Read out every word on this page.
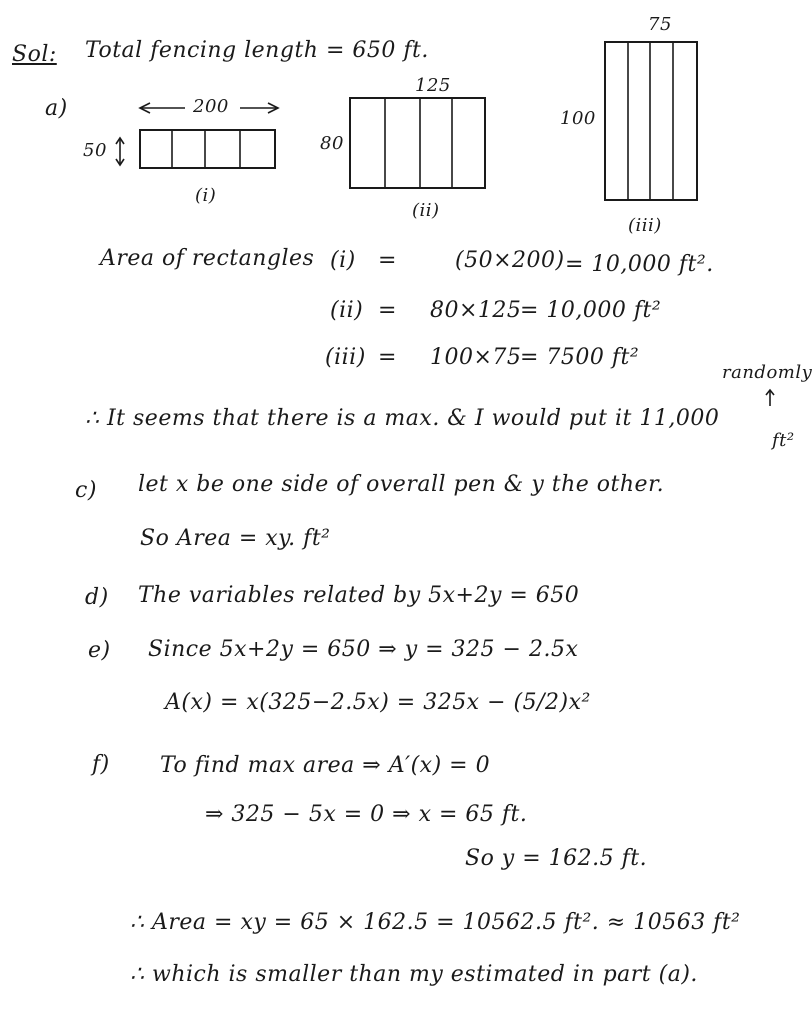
Sol: Total fencing length = 650 ft.
a)	200
50
(i)
125
80
(ii)
75
100
(iii)
Area of rectangles (i) =	(50×200) = 10,000 ft².
(ii) = 80×125
= 10,000 ft²
(iii) = 100×75
= 7500 ft²
randomly
∴ It seems that there is a max. & I would put it 11,000
ft²
c) let x be one side of overall pen & y the other.
So Area = xy. ft²
d) The variables related by 5x+2y = 650
e) Since 5x+2y = 650 ⇒ y = 325 − 2.5x
A(x) = x(325−2.5x) = 325x − (5/2)x²
f) To find max area ⇒ A′(x) = 0
⇒ 325 − 5x = 0 ⇒ x = 65 ft.
So y = 162.5 ft.
∴ Area = xy = 65 × 162.5 = 10562.5 ft². ≈ 10563 ft²
∴ which is smaller than my estimated in part (a).
